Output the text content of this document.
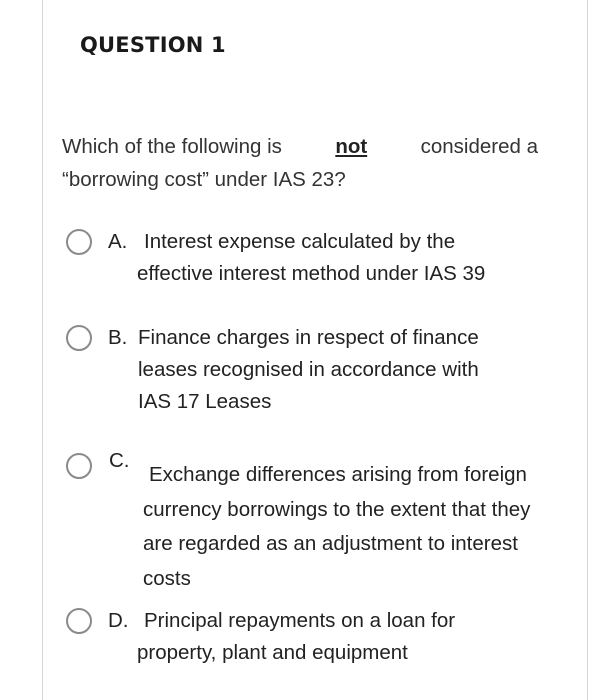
QUESTION 1
Which of the following is	not	considered a
“borrowing cost” under IAS 23?
A. Interest expense calculated by the
effective interest method under IAS 39
B. Finance charges in respect of finance
leases recognised in accordance with
IAS 17 Leases
C.
Exchange differences arising from foreign
currency borrowings to the extent that they
are regarded as an adjustment to interest
costs
D. Principal repayments on a loan for
property, plant and equipment
